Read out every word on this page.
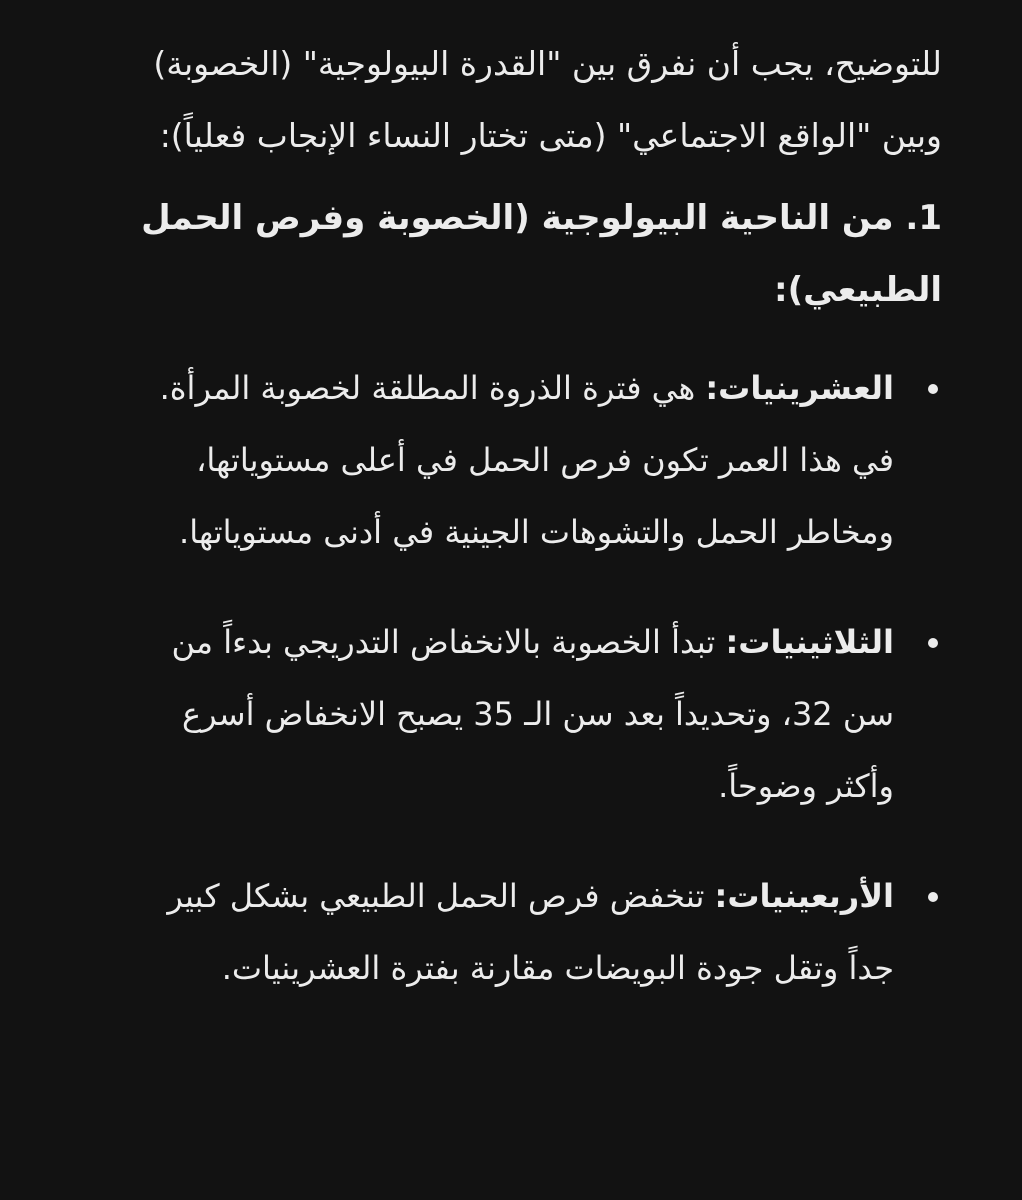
للتوضيح، يجب أن نفرق بين "القدرة البيولوجية" (الخصوبة) وبين "الواقع الاجتماعي" (متى تختار النساء الإنجاب فعلياً):

1. من الناحية البيولوجية (الخصوبة وفرص الحمل الطبيعي):
العشرينيات: هي فترة الذروة المطلقة لخصوبة المرأة. في هذا العمر تكون فرص الحمل في أعلى مستوياتها، ومخاطر الحمل والتشوهات الجينية في أدنى مستوياتها.
الثلاثينيات: تبدأ الخصوبة بالانخفاض التدريجي بدءاً من سن 32، وتحديداً بعد سن الـ 35 يصبح الانخفاض أسرع وأكثر وضوحاً.
الأربعينيات: تنخفض فرص الحمل الطبيعي بشكل كبير جداً وتقل جودة البويضات مقارنة بفترة العشرينيات.
